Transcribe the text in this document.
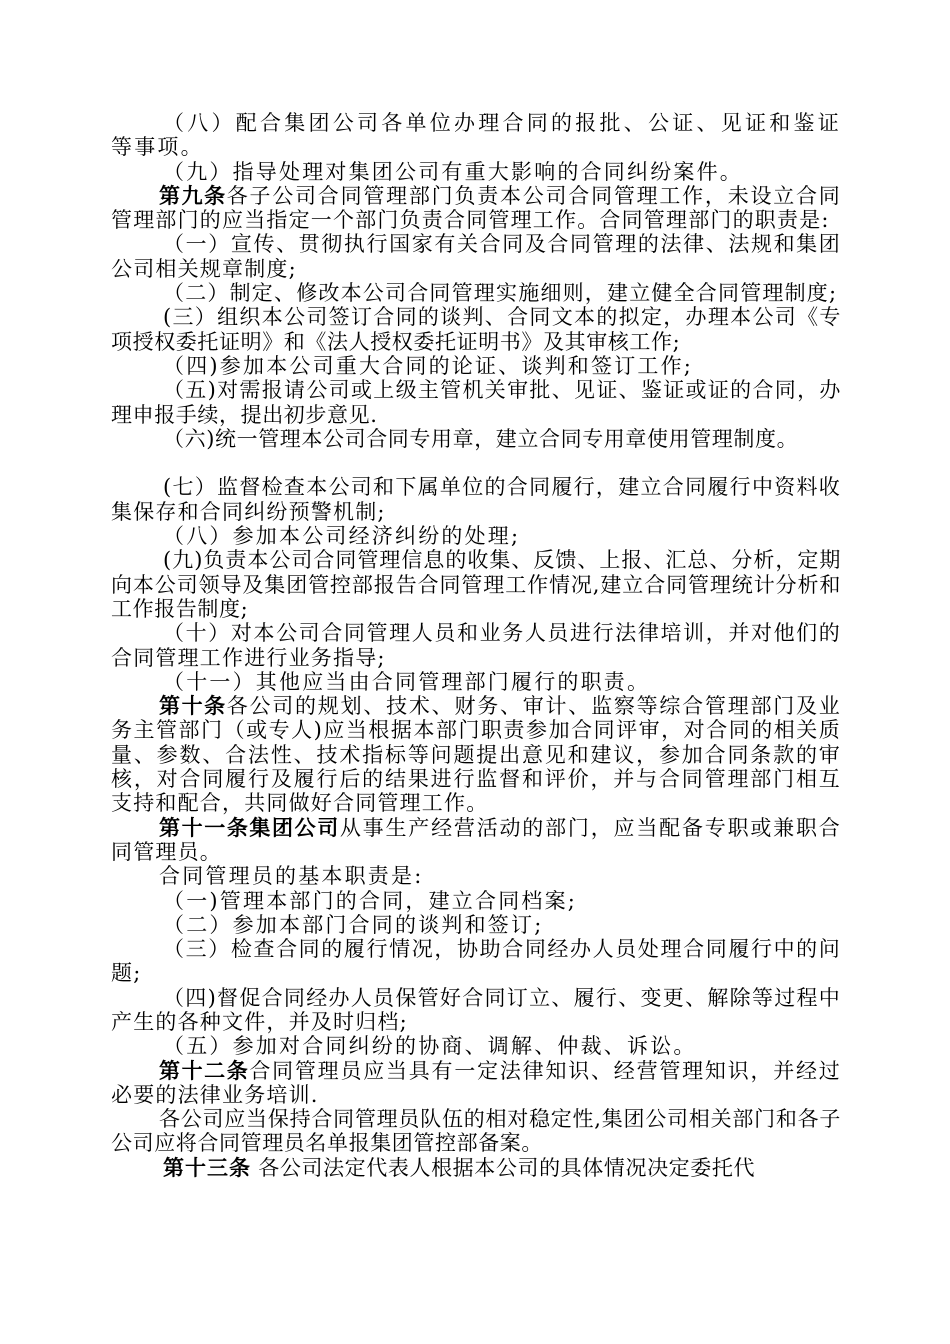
（八）配合集团公司各单位办理合同的报批、公证、见证和鉴证 等事项。

（九）指导处理对集团公司有重大影响的合同纠纷案件。

第九条各子公司合同管理部门负责本公司合同管理工作，未设立合同管理部门的应当指定一个部门负责合同管理工作。合同管理部门的职责是:

（一）宣传、贯彻执行国家有关合同及合同管理的法律、法规和集团公司相关规章制度;

（二）制定、修改本公司合同管理实施细则，建立健全合同管理制度;

(三）组织本公司签订合同的谈判、合同文本的拟定，办理本公司《专项授权委托证明》和《法人授权委托证明书》及其审核工作;

（四)参加本公司重大合同的论证、谈判和签订工作;

（五)对需报请公司或上级主管机关审批、见证、鉴证或证的合同，办理申报手续，提出初步意见.

（六)统一管理本公司合同专用章，建立合同专用章使用管理制度。

(七）监督检查本公司和下属单位的合同履行，建立合同履行中资料收集保存和合同纠纷预警机制;

（八）参加本公司经济纠纷的处理;

(九)负责本公司合同管理信息的收集、反馈、上报、汇总、分析，定期向本公司领导及集团管控部报告合同管理工作情况,建立合同管理统计分析和工作报告制度;

（十）对本公司合同管理人员和业务人员进行法律培训，并对他们的合同管理工作进行业务指导;

（十一）其他应当由合同管理部门履行的职责。

第十条各公司的规划、技术、财务、审计、监察等综合管理部门及业务主管部门（或专人)应当根据本部门职责参加合同评审，对合同的相关质量、参数、合法性、技术指标等问题提出意见和建议，参加合同条款的审核，对合同履行及履行后的结果进行监督和评价，并与合同管理部门相互支持和配合，共同做好合同管理工作。

第十一条集团公司从事生产经营活动的部门，应当配备专职或兼职合同管理员。

合同管理员的基本职责是:

（一)管理本部门的合同，建立合同档案;

（二）参加本部门合同的谈判和签订;

（三）检查合同的履行情况，协助合同经办人员处理合同履行中的问题;

（四)督促合同经办人员保管好合同订立、履行、变更、解除等过程中产生的各种文件，并及时归档;

（五）参加对合同纠纷的协商、调解、仲裁、诉讼。

第十二条合同管理员应当具有一定法律知识、经营管理知识，并经过必要的法律业务培训.

各公司应当保持合同管理员队伍的相对稳定性,集团公司相关部门和各子公司应将合同管理员名单报集团管控部备案。

第十三条 各公司法定代表人根据本公司的具体情况决定委托代
